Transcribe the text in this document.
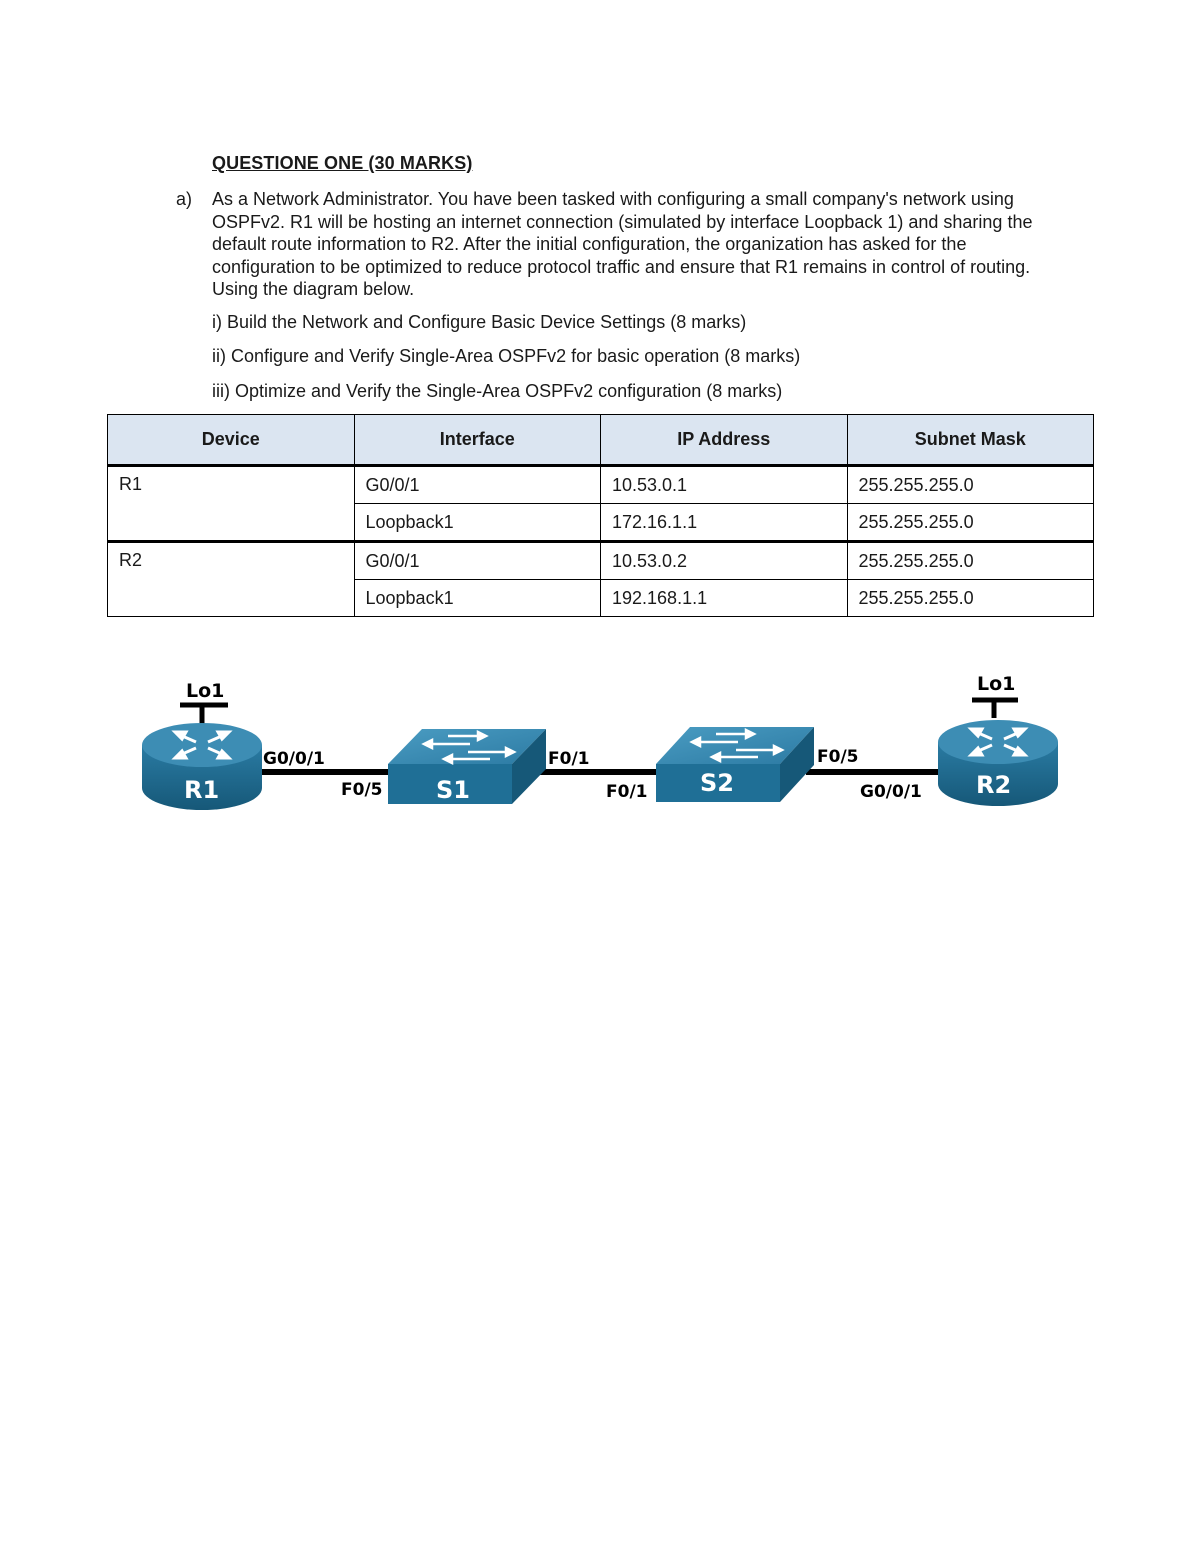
QUESTIONE ONE (30 MARKS)
a) As a Network Administrator. You have been tasked with configuring a small company's network using OSPFv2. R1 will be hosting an internet connection (simulated by interface Loopback 1) and sharing the default route information to R2. After the initial configuration, the organization has asked for the configuration to be optimized to reduce protocol traffic and ensure that R1 remains in control of routing. Using the diagram below.
i) Build the Network and Configure Basic Device Settings (8 marks)
ii) Configure and Verify Single-Area OSPFv2 for basic operation (8 marks)
iii) Optimize and Verify the Single-Area OSPFv2 configuration (8 marks)
Device	Interface	IP Address	Subnet Mask
R1	G0/0/1	10.53.0.1	255.255.255.0
	Loopback1	172.16.1.1	255.255.255.0
R2	G0/0/1	10.53.0.2	255.255.255.0
	Loopback1	192.168.1.1	255.255.255.0
Lo1
R1	S1	S2
Lo1
R2
G0/0/1
F0/5
F0/1
F0/1
F0/5
G0/0/1
